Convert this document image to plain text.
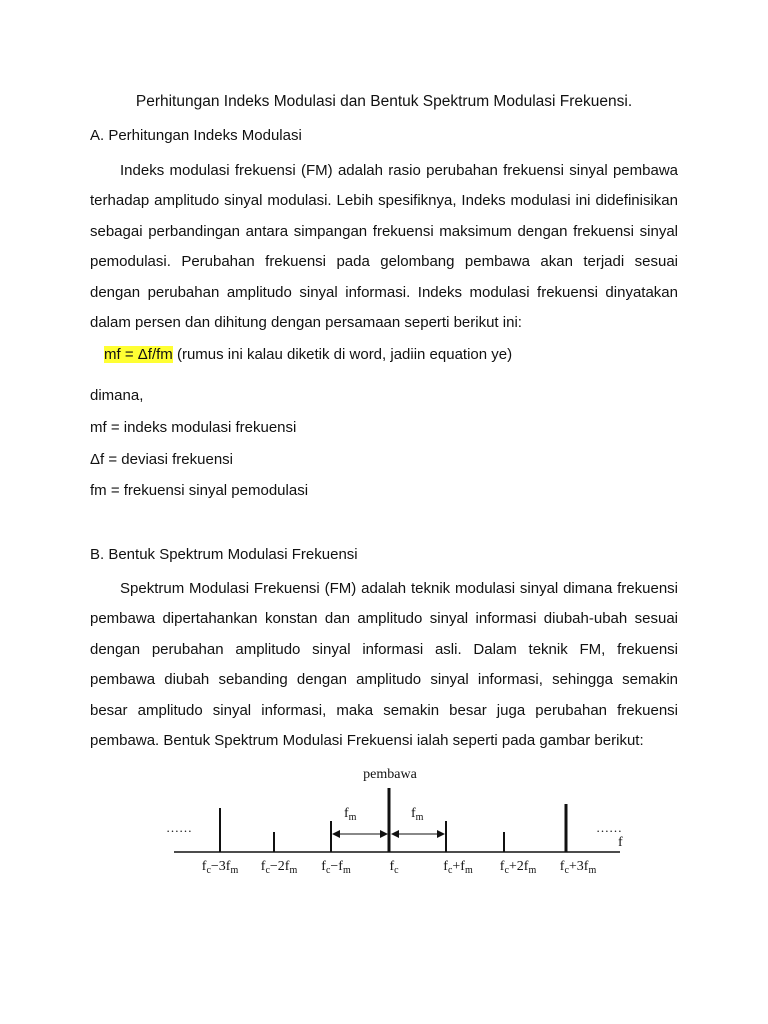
Perhitungan Indeks Modulasi dan Bentuk Spektrum Modulasi Frekuensi.
A. Perhitungan Indeks Modulasi

Indeks modulasi frekuensi (FM) adalah rasio perubahan frekuensi sinyal pembawa terhadap amplitudo sinyal modulasi. Lebih spesifiknya, Indeks modulasi ini didefinisikan sebagai perbandingan antara simpangan frekuensi maksimum dengan frekuensi sinyal pemodulasi. Perubahan frekuensi pada gelombang pembawa akan terjadi sesuai dengan perubahan amplitudo sinyal informasi. Indeks modulasi frekuensi dinyatakan dalam persen dan dihitung dengan persamaan seperti berikut ini:

mf = Δf/fm (rumus ini kalau diketik di word, jadiin equation ye)
dimana,
mf = indeks modulasi frekuensi
Δf = deviasi frekuensi
fm = frekuensi sinyal pemodulasi
B. Bentuk Spektrum Modulasi Frekuensi

Spektrum Modulasi Frekuensi (FM) adalah teknik modulasi sinyal dimana frekuensi pembawa dipertahankan konstan dan amplitudo sinyal informasi diubah-ubah sesuai dengan perubahan amplitudo sinyal informasi asli. Dalam teknik FM, frekuensi pembawa diubah sebanding dengan amplitudo sinyal informasi, sehingga semakin besar amplitudo sinyal informasi, maka semakin besar juga perubahan frekuensi pembawa. Bentuk Spektrum Modulasi Frekuensi ialah seperti pada gambar berikut:

pembawa
f
……	……
$f_m$	$f_m$
$f_c-3f_m$ $f_c-2f_m$ $f_c-f_m$	$f_c$	$f_c+f_m$ $f_c+2f_m$ $f_c+3f_m$
